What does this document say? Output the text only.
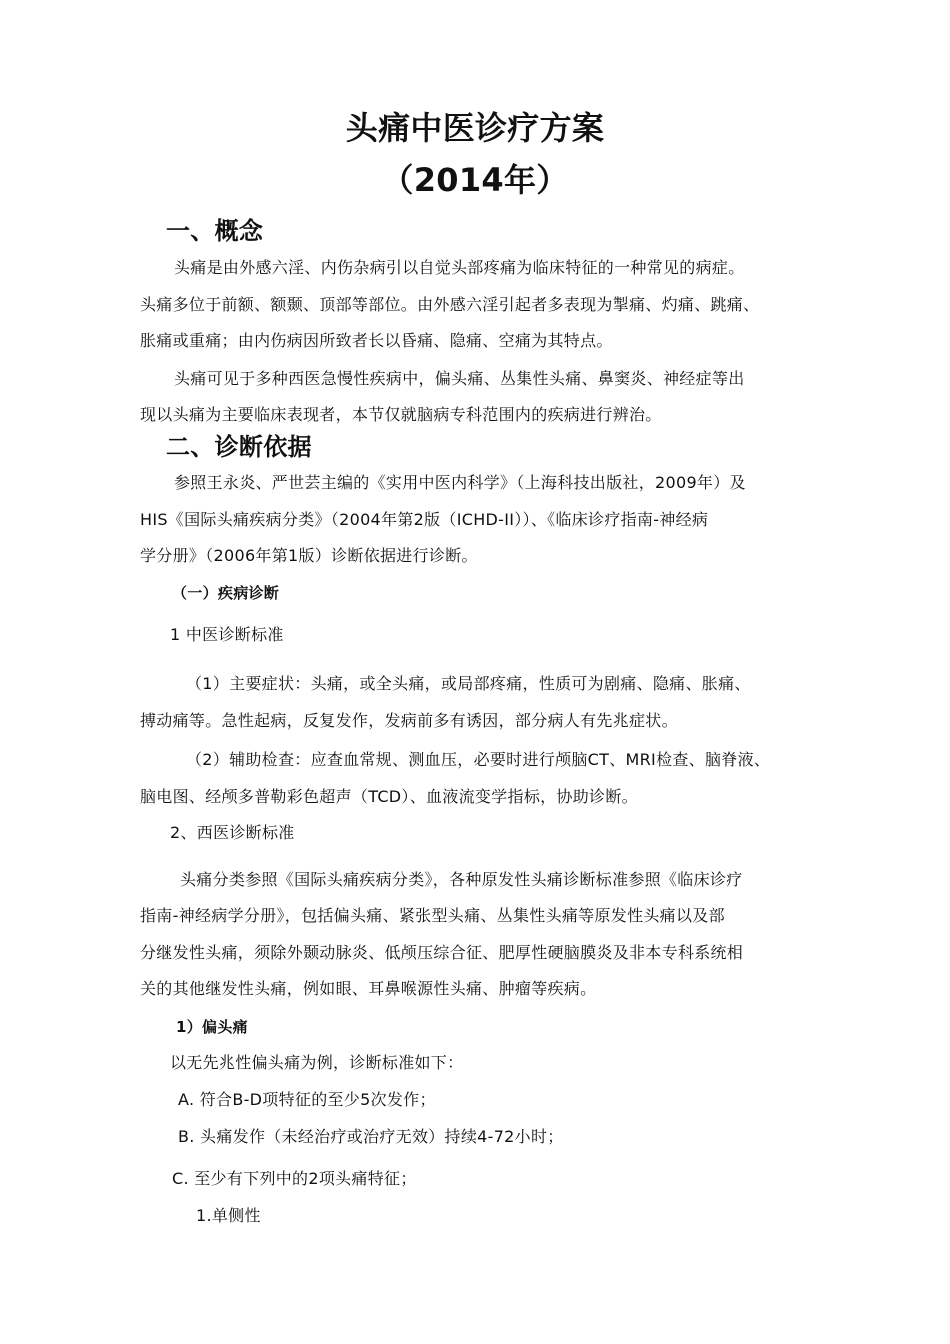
头痛中医诊疗方案
（2014年）
一、概念
头痛是由外感六淫、内伤杂病引以自觉头部疼痛为临床特征的一种常见的病症。
头痛多位于前额、额颞、顶部等部位。由外感六淫引起者多表现为掣痛、灼痛、跳痛、
胀痛或重痛；由内伤病因所致者长以昏痛、隐痛、空痛为其特点。
头痛可见于多种西医急慢性疾病中，偏头痛、丛集性头痛、鼻窦炎、神经症等出
现以头痛为主要临床表现者，本节仅就脑病专科范围内的疾病进行辨治。
二、诊断依据
参照王永炎、严世芸主编的《实用中医内科学》（上海科技出版社，2009年）及
HIS《国际头痛疾病分类》（2004年第2版（ICHD-II））、《临床诊疗指南-神经病
学分册》（2006年第1版）诊断依据进行诊断。
（一）疾病诊断
1 中医诊断标准
（1）主要症状：头痛，或全头痛，或局部疼痛，性质可为剧痛、隐痛、胀痛、
搏动痛等。急性起病，反复发作，发病前多有诱因，部分病人有先兆症状。
（2）辅助检查：应查血常规、测血压，必要时进行颅脑CT、MRI检查、脑脊液、
脑电图、经颅多普勒彩色超声（TCD）、血液流变学指标，协助诊断。
2、西医诊断标准
头痛分类参照《国际头痛疾病分类》，各种原发性头痛诊断标准参照《临床诊疗
指南-神经病学分册》，包括偏头痛、紧张型头痛、丛集性头痛等原发性头痛以及部
分继发性头痛，须除外颞动脉炎、低颅压综合征、肥厚性硬脑膜炎及非本专科系统相
关的其他继发性头痛，例如眼、耳鼻喉源性头痛、肿瘤等疾病。
1）偏头痛
以无先兆性偏头痛为例，诊断标准如下：
A. 符合B-D项特征的至少5次发作；
B. 头痛发作（未经治疗或治疗无效）持续4-72小时；
C. 至少有下列中的2项头痛特征；
1.单侧性
